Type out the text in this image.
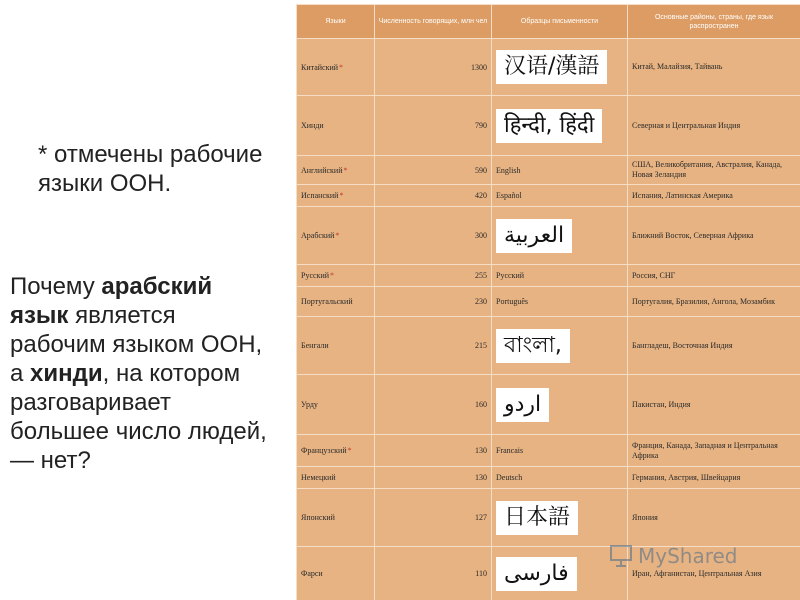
* отмечены рабочие языки ООН.
Почему арабский язык является рабочим языком ООН, а хинди, на котором разговаривает большее число людей, — нет?
Языки	Численность говорящих, млн чел	Образцы письменности	Основные районы, страны, где язык распространен
Китайский*	1300	汉语/漢語	Китай, Малайзия, Тайвань
Хинди	790	हिन्दी, हिंदी	Северная и Центральная Индия
Английский*	590	English	США, Великобритания, Австралия, Канада, Новая Зеландия
Испанский*	420	Español	Испания, Латинская Америка
Арабский*	300	العربية	Ближний Восток, Северная Африка
Русский*	255	Русский	Россия, СНГ
Португальский	230	Português	Португалия, Бразилия, Ангола, Мозамбик
Бенгали	215	বাংলা,	Бангладеш, Восточная Индия
Урду	160	اردو	Пакистан, Индия
Французский*	130	Francais	Франция, Канада, Западная и Центральная Африка
Немецкий	130	Deutsch	Германия, Австрия, Швейцария
Японский	127	日本語	Япония
Фарси	110	فارسی	Иран, Афганистан, Центральная Азия
MyShared
